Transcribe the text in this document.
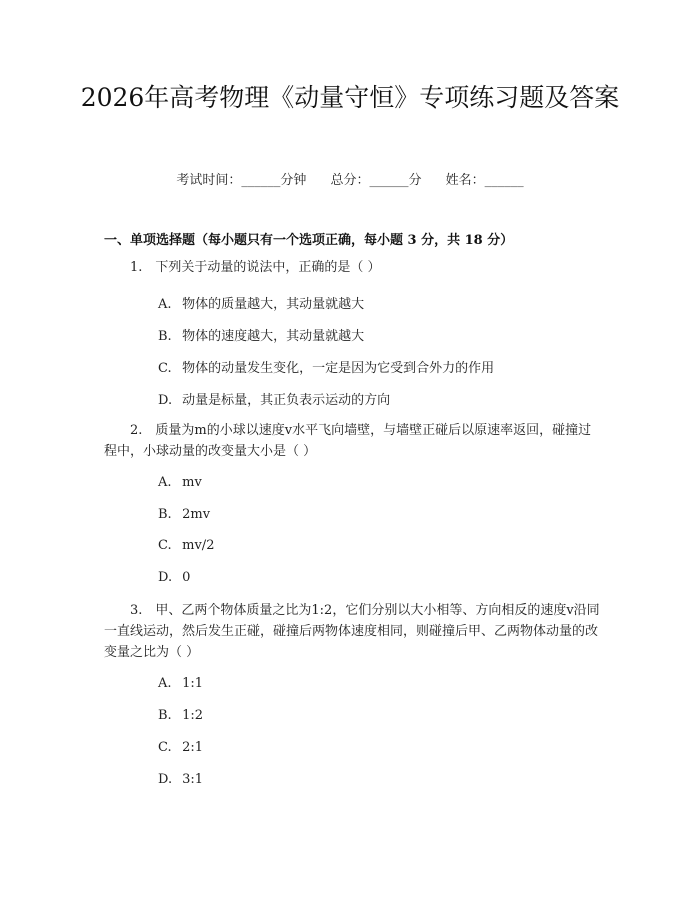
2026年高考物理《动量守恒》专项练习题及答案
考试时间：______分钟 总分：______分 姓名：______
一、单项选择题（每小题只有一个选项正确，每小题 3 分，共 18 分）
1.　下列关于动量的说法中，正确的是（ ）
A. 物体的质量越大，其动量就越大
B. 物体的速度越大，其动量就越大
C. 物体的动量发生变化，一定是因为它受到合外力的作用
D. 动量是标量，其正负表示运动的方向
2.　质量为m的小球以速度v水平飞向墙壁，与墙壁正碰后以原速率返回，碰撞过程中，小球动量的改变量大小是（ ）
A. mv
B. 2mv
C. mv/2
D. 0
3.　甲、乙两个物体质量之比为1:2，它们分别以大小相等、方向相反的速度v沿同一直线运动，然后发生正碰，碰撞后两物体速度相同，则碰撞后甲、乙两物体动量的改变量之比为（ ）
A. 1:1
B. 1:2
C. 2:1
D. 3:1
